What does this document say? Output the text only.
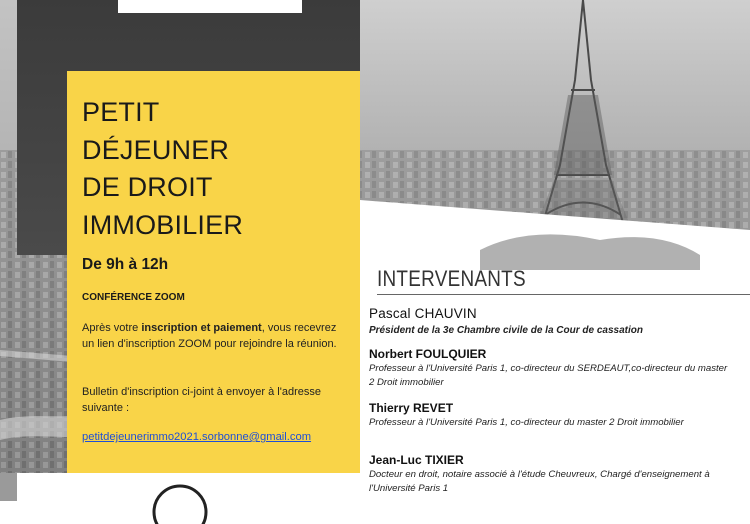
PETIT
DÉJEUNER
DE DROIT
IMMOBILIER
De 9h à 12h
CONFÉRENCE ZOOM
Après votre inscription et paiement, vous recevrez un lien d'inscription ZOOM pour rejoindre la réunion.
Bulletin d'inscription ci-joint à envoyer à l'adresse suivante :
petitdejeunerimmo2021.sorbonne@gmail.com
INTERVENANTS
Pascal CHAUVIN
Président de la 3e Chambre civile de la Cour de cassation
Norbert FOULQUIER
Professeur à l'Université Paris 1, co-directeur du SERDEAUT,co-directeur du master 2 Droit immobilier
Thierry REVET
Professeur à l'Université Paris 1, co-directeur du master 2 Droit immobilier
Jean-Luc TIXIER
Docteur en droit, notaire associé à l'étude Cheuvreux, Chargé d'enseignement à l'Université Paris 1
